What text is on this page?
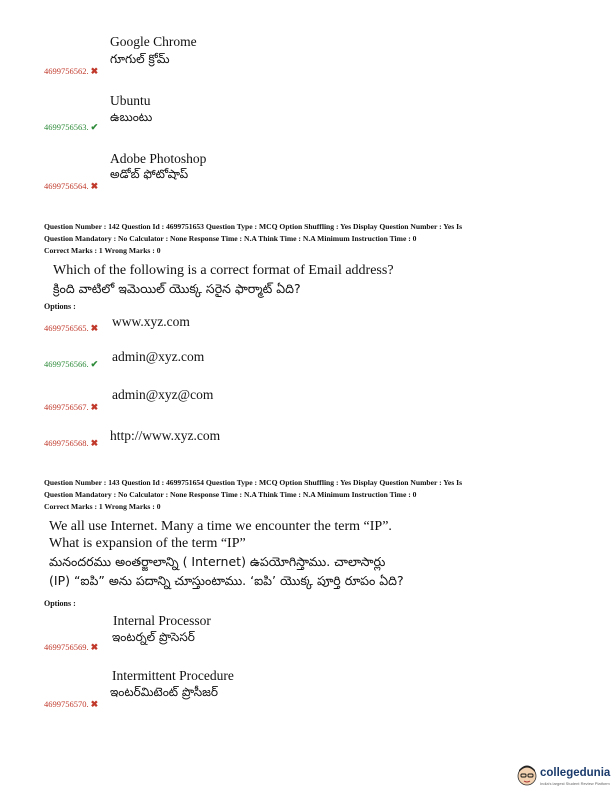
Google Chrome
గూగుల్ క్రోమ్
4699756562. ✖
Ubuntu
ఉబుంటు
4699756563. ✔
Adobe Photoshop
అడోబ్ ఫోటోషాప్
4699756564. ✖
Question Number : 142 Question Id : 4699751653 Question Type : MCQ Option Shuffling : Yes Display Question Number : Yes Is
Question Mandatory : No Calculator : None Response Time : N.A Think Time : N.A Minimum Instruction Time : 0
Correct Marks : 1 Wrong Marks : 0
Which of the following is a correct format of Email address?
క్రింది వాటిలో ఇమెయిల్ యొక్క సరైన ఫార్మాట్ ఏది?
Options :
4699756565. ✖ www.xyz.com
4699756566. ✔ admin@xyz.com
4699756567. ✖
admin@xyz@com
4699756568. ✖ http://www.xyz.com
Question Number : 143 Question Id : 4699751654 Question Type : MCQ Option Shuffling : Yes Display Question Number : Yes Is
Question Mandatory : No Calculator : None Response Time : N.A Think Time : N.A Minimum Instruction Time : 0
Correct Marks : 1 Wrong Marks : 0
We all use Internet. Many a time we encounter the term “IP”.
What is expansion of the term “IP”
మనందరము అంతర్జాలాన్ని ( Internet) ఉపయోగిస్తాము. చాలాసార్లు
(IP) “ఐపి” అను పదాన్ని చూస్తుంటాము. ‘ఐపి’ యొక్క పూర్తి రూపం ఏది?
Options :
Internal Processor
ఇంటర్నల్ ప్రొసెసర్
4699756569. ✖
Intermittent Procedure
ఇంటర్‌మిటెంట్ ప్రొసీజర్
4699756570. ✖
collegedunia
India's largest Student Review Platform
